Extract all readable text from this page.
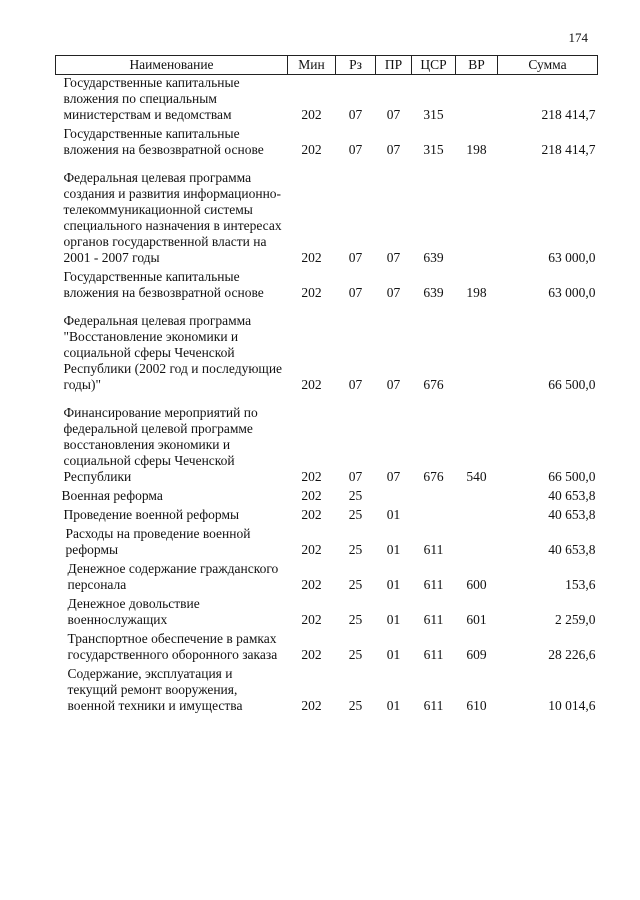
174
Наименование	Мин	Рз	ПР	ЦСР	ВР	Сумма
Государственные капитальные вложения по специальным министерствам и ведомствам	202	07	07	315		218 414,7
Государственные капитальные вложения на безвозвратной основе	202	07	07	315	198	218 414,7
Федеральная целевая программа создания и развития информационно-телекоммуникационной системы специального назначения в интересах органов государственной власти на 2001 - 2007 годы	202	07	07	639		63 000,0
Государственные капитальные вложения на безвозвратной основе	202	07	07	639	198	63 000,0
Федеральная целевая программа "Восстановление экономики и социальной сферы Чеченской Республики (2002 год и последующие годы)"	202	07	07	676		66 500,0
Финансирование мероприятий по федеральной целевой программе восстановления экономики и социальной сферы Чеченской Республики	202	07	07	676	540	66 500,0
Военная реформа	202	25				40 653,8
Проведение военной реформы	202	25	01			40 653,8
Расходы на проведение военной реформы	202	25	01	611		40 653,8
Денежное содержание гражданского персонала	202	25	01	611	600	153,6
Денежное довольствие военнослужащих	202	25	01	611	601	2 259,0
Транспортное обеспечение в рамках государственного оборонного заказа	202	25	01	611	609	28 226,6
Содержание, эксплуатация и текущий ремонт вооружения, военной техники и имущества	202	25	01	611	610	10 014,6
